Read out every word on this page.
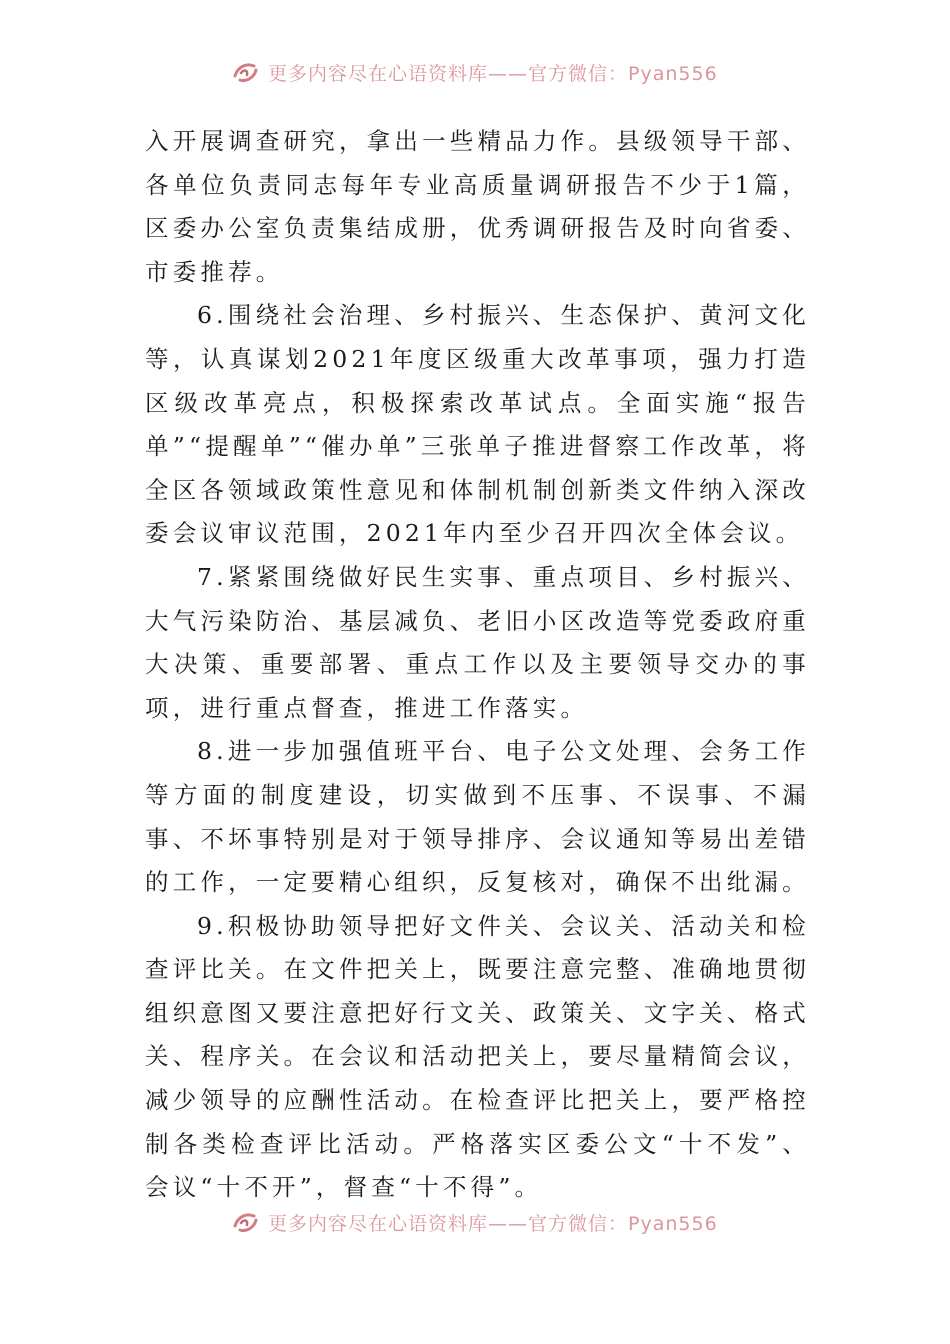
更多内容尽在心语资料库——官方微信：Pyan556

入开展调查研究，拿出一些精品力作。县级领导干部、各单位负责同志每年专业高质量调研报告不少于1篇，区委办公室负责集结成册，优秀调研报告及时向省委、市委推荐。

6.围绕社会治理、乡村振兴、生态保护、黄河文化等，认真谋划2021年度区级重大改革事项，强力打造区级改革亮点，积极探索改革试点。全面实施“报告单”“提醒单”“催办单”三张单子推进督察工作改革，将全区各领域政策性意见和体制机制创新类文件纳入深改委会议审议范围，2021年内至少召开四次全体会议。

7.紧紧围绕做好民生实事、重点项目、乡村振兴、大气污染防治、基层减负、老旧小区改造等党委政府重大决策、重要部署、重点工作以及主要领导交办的事项，进行重点督查，推进工作落实。

8.进一步加强值班平台、电子公文处理、会务工作等方面的制度建设，切实做到不压事、不误事、不漏事、不坏事特别是对于领导排序、会议通知等易出差错的工作，一定要精心组织，反复核对，确保不出纰漏。

9.积极协助领导把好文件关、会议关、活动关和检查评比关。在文件把关上，既要注意完整、准确地贯彻组织意图又要注意把好行文关、政策关、文字关、格式关、程序关。在会议和活动把关上，要尽量精简会议，减少领导的应酬性活动。在检查评比把关上，要严格控制各类检查评比活动。严格落实区委公文“十不发”、会议“十不开”，督查“十不得”。

更多内容尽在心语资料库——官方微信：Pyan556
